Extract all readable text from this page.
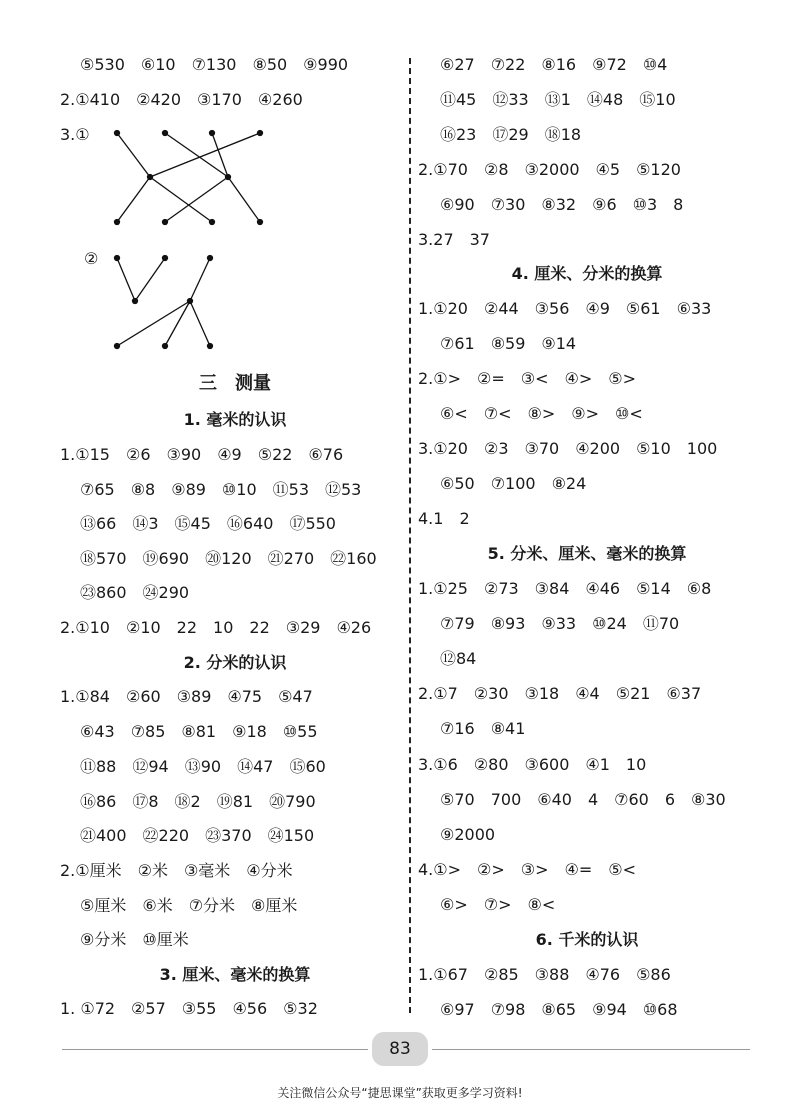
⑤530　⑥10　⑦130　⑧50　⑨990
2.①410　②420　③170　④260
3.①
②
三　测量
1. 毫米的认识
1.①15　②6　③90　④9　⑤22　⑥76
⑦65　⑧8　⑨89　⑩10　⑪53　⑫53
⑬66　⑭3　⑮45　⑯640　⑰550
⑱570　⑲690　⑳120　㉑270　㉒160
㉓860　㉔290
2.①10　②10　22　10　22　③29　④26
2. 分米的认识
1.①84　②60　③89　④75　⑤47
⑥43　⑦85　⑧81　⑨18　⑩55
⑪88　⑫94　⑬90　⑭47　⑮60
⑯86　⑰8　⑱2　⑲81　⑳790
㉑400　㉒220　㉓370　㉔150
2.①厘米　②米　③毫米　④分米
⑤厘米　⑥米　⑦分米　⑧厘米
⑨分米　⑩厘米
3. 厘米、毫米的换算
1. ①72　②57　③55　④56　⑤32
⑥27　⑦22　⑧16　⑨72　⑩4
⑪45　⑫33　⑬1　⑭48　⑮10
⑯23　⑰29　⑱18
2.①70　②8　③2000　④5　⑤120
⑥90　⑦30　⑧32　⑨6　⑩3　8
3.27　37
4. 厘米、分米的换算
1.①20　②44　③56　④9　⑤61　⑥33
⑦61　⑧59　⑨14
2.①>　②=　③<　④>　⑤>
⑥<　⑦<　⑧>　⑨>　⑩<
3.①20　②3　③70　④200　⑤10　100
⑥50　⑦100　⑧24
4.1　2
5. 分米、厘米、毫米的换算
1.①25　②73　③84　④46　⑤14　⑥8
⑦79　⑧93　⑨33　⑩24　⑪70
⑫84
2.①7　②30　③18　④4　⑤21　⑥37
⑦16　⑧41
3.①6　②80　③600　④1　10
⑤70　700　⑥40　4　⑦60　6　⑧30
⑨2000
4.①>　②>　③>　④=　⑤<
⑥>　⑦>　⑧<
6. 千米的认识
1.①67　②85　③88　④76　⑤86
⑥97　⑦98　⑧65　⑨94　⑩68
83
关注微信公众号“捷思课堂”获取更多学习资料!
